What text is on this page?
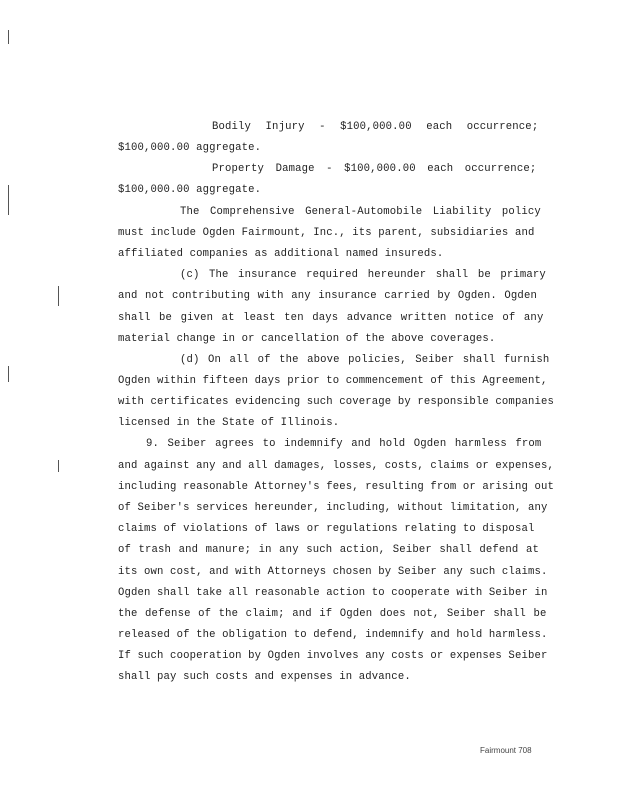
Bodily Injury - $100,000.00 each occurrence;
$100,000.00 aggregate.
Property Damage - $100,000.00 each occurrence;
$100,000.00 aggregate.
The Comprehensive General-Automobile Liability policy
must include Ogden Fairmount, Inc., its parent, subsidiaries and
affiliated companies as additional named insureds.
(c) The insurance required hereunder shall be primary
and not contributing with any insurance carried by Ogden. Ogden
shall be given at least ten days advance written notice of any
material change in or cancellation of the above coverages.
(d) On all of the above policies, Seiber shall furnish
Ogden within fifteen days prior to commencement of this Agreement,
with certificates evidencing such coverage by responsible companies
licensed in the State of Illinois.
9. Seiber agrees to indemnify and hold Ogden harmless from
and against any and all damages, losses, costs, claims or expenses,
including reasonable Attorney's fees, resulting from or arising out
of Seiber's services hereunder, including, without limitation, any
claims of violations of laws or regulations relating to disposal
of trash and manure; in any such action, Seiber shall defend at
its own cost, and with Attorneys chosen by Seiber any such claims.
Ogden shall take all reasonable action to cooperate with Seiber in
the defense of the claim; and if Ogden does not, Seiber shall be
released of the obligation to defend, indemnify and hold harmless.
If such cooperation by Ogden involves any costs or expenses Seiber
shall pay such costs and expenses in advance.
Fairmount 708
